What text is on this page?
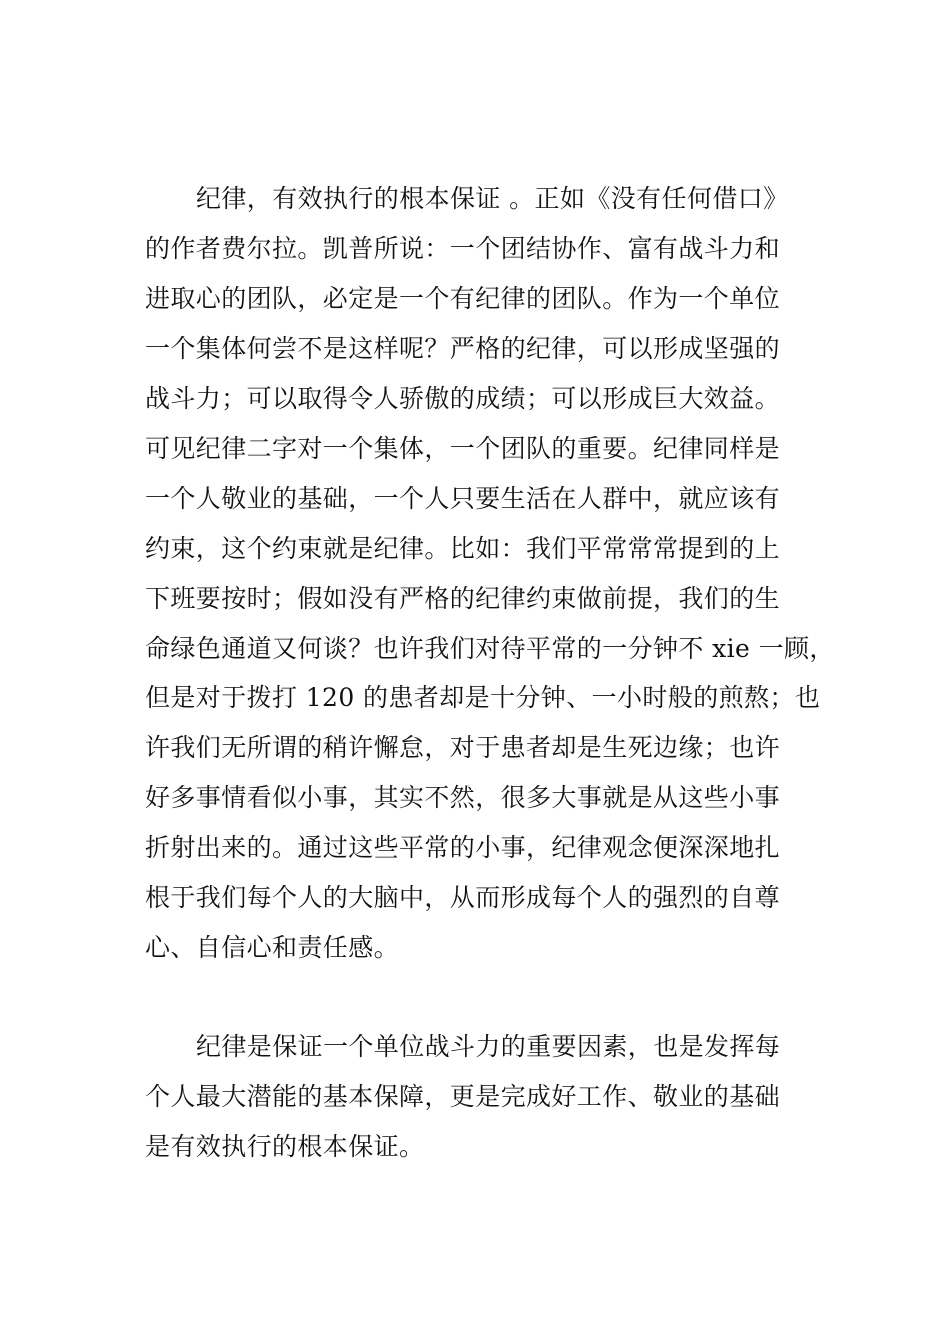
纪律，有效执行的根本保证 。正如《没有任何借口》
的作者费尔拉。凯普所说：一个团结协作、富有战斗力和
进取心的团队，必定是一个有纪律的团队。作为一个单位
一个集体何尝不是这样呢？严格的纪律，可以形成坚强的
战斗力；可以取得令人骄傲的成绩；可以形成巨大效益。
可见纪律二字对一个集体，一个团队的重要。纪律同样是
一个人敬业的基础，一个人只要生活在人群中，就应该有
约束，这个约束就是纪律。比如：我们平常常常提到的上
下班要按时；假如没有严格的纪律约束做前提，我们的生
命绿色通道又何谈？也许我们对待平常的一分钟不 xie 一顾，
但是对于拨打 120 的患者却是十分钟、一小时般的煎熬；也
许我们无所谓的稍许懈怠，对于患者却是生死边缘；也许
好多事情看似小事，其实不然，很多大事就是从这些小事
折射出来的。通过这些平常的小事，纪律观念便深深地扎
根于我们每个人的大脑中，从而形成每个人的强烈的自尊
心、自信心和责任感。
纪律是保证一个单位战斗力的重要因素，也是发挥每
个人最大潜能的基本保障，更是完成好工作、敬业的基础
是有效执行的根本保证。
